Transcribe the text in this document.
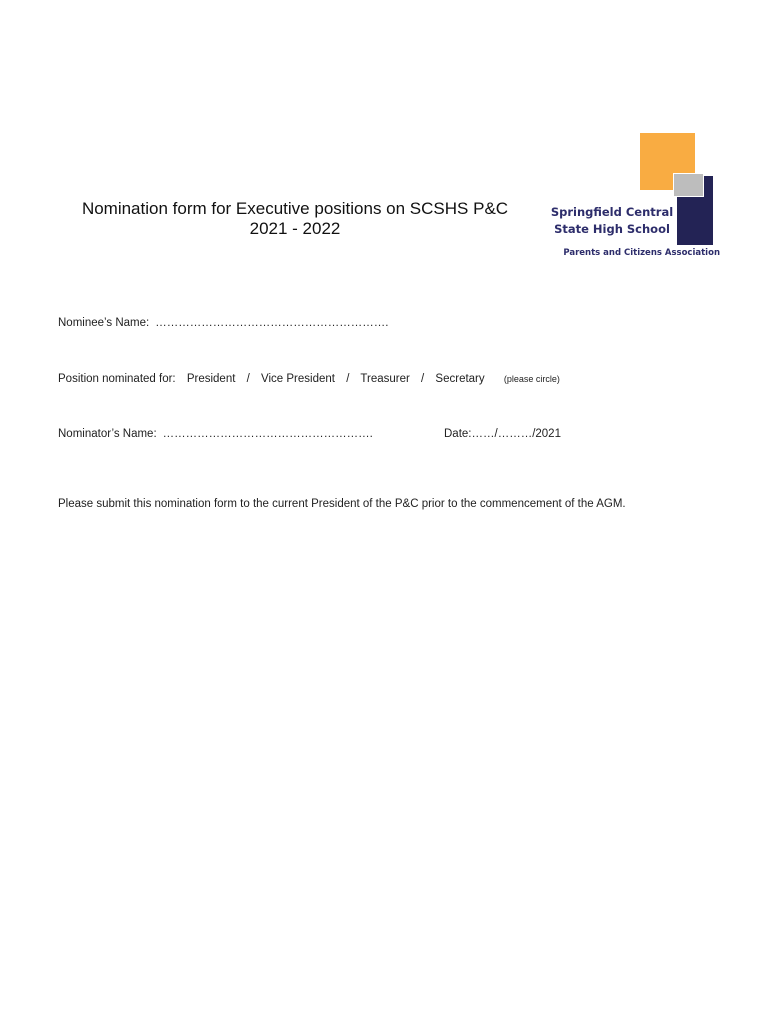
Nomination form for Executive positions on SCSHS P&C
2021 - 2022
Springfield Central
State High School
Parents and Citizens Association
Nominee’s Name: …………………………………………………….
Position nominated for: President / Vice President / Treasurer / Secretary (please circle)
Nominator’s Name: ……………………………………………….	Date:……/………/2021
Please submit this nomination form to the current President of the P&C prior to the commencement of the AGM.
